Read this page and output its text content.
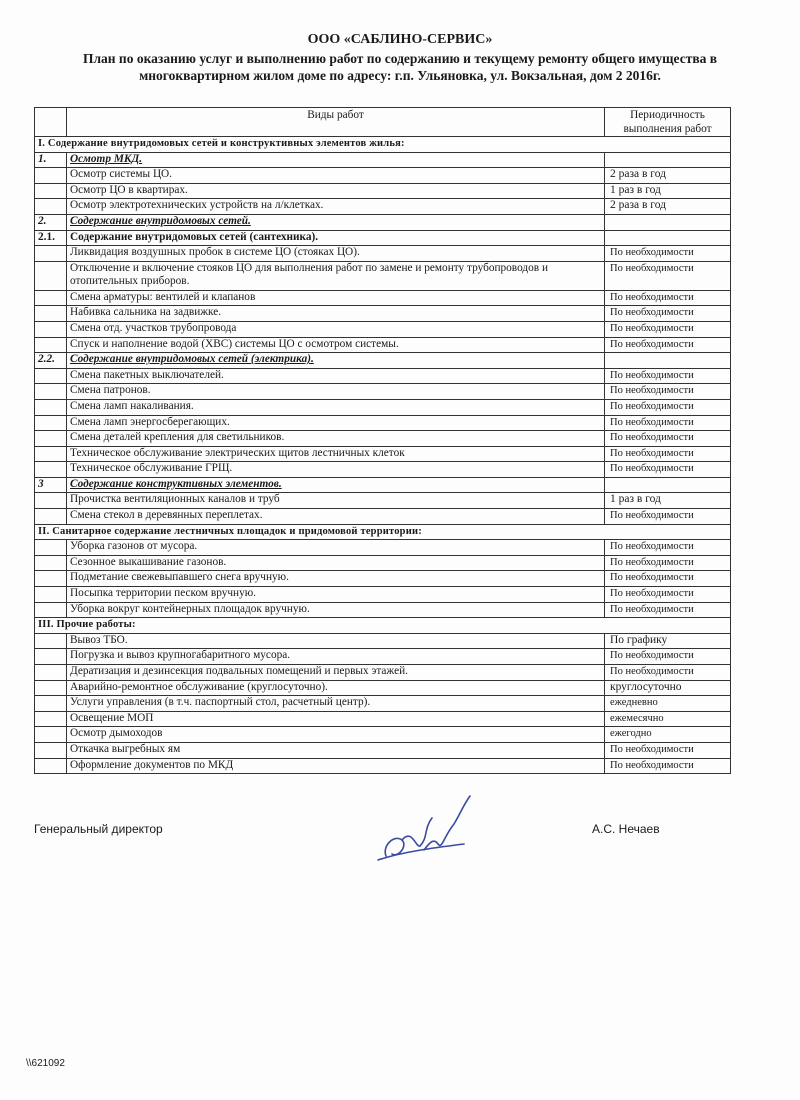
ООО «САБЛИНО-СЕРВИС»
План по оказанию услуг и выполнению работ по содержанию и текущему ремонту общего имущества в многоквартирном жилом доме по адресу: г.п. Ульяновка, ул. Вокзальная, дом 2 2016г.
	Виды работ	Периодичность выполнения работ
I. Содержание внутридомовых сетей и конструктивных элементов жилья:		
1.	Осмотр МКД.	
	Осмотр системы ЦО.	2 раза в год
	Осмотр ЦО в квартирах.	1 раз в год
	Осмотр электротехнических устройств на л/клетках.	2 раза в год
2.	Содержание внутридомовых сетей.	
2.1.	Содержание внутридомовых сетей (сантехника).	
	Ликвидация воздушных пробок в системе ЦО (стояках ЦО).	По необходимости
	Отключение и включение стояков ЦО для выполнения работ по замене и ремонту трубопроводов и отопительных приборов.	По необходимости
	Смена арматуры: вентилей и клапанов	По необходимости
	Набивка сальника на задвижке.	По необходимости
	Смена отд. участков трубопровода	По необходимости
	Спуск и наполнение водой (ХВС) системы ЦО с осмотром системы.	По необходимости
2.2.	Содержание внутридомовых сетей (электрика).	
	Смена пакетных выключателей.	По необходимости
	Смена патронов.	По необходимости
	Смена ламп накаливания.	По необходимости
	Смена ламп энергосберегающих.	По необходимости
	Смена деталей крепления для светильников.	По необходимости
	Техническое обслуживание электрических щитов лестничных клеток	По необходимости
	Техническое обслуживание ГРЩ.	По необходимости
3	Содержание конструктивных элементов.	
	Прочистка вентиляционных каналов и труб	1 раз в год
	Смена стекол в деревянных переплетах.	По необходимости
II. Санитарное содержание лестничных площадок и придомовой территории:		
	Уборка газонов от мусора.	По необходимости
	Сезонное выкашивание газонов.	По необходимости
	Подметание свежевыпавшего снега вручную.	По необходимости
	Посыпка территории песком вручную.	По необходимости
	Уборка вокруг контейнерных площадок вручную.	По необходимости
III. Прочие работы:		
	Вывоз ТБО.	По графику
	Погрузка и вывоз крупногабаритного мусора.	По необходимости
	Дератизация и дезинсекция подвальных помещений и первых этажей.	По необходимости
	Аварийно-ремонтное обслуживание (круглосуточно).	круглосуточно
	Услуги управления (в т.ч. паспортный стол, расчетный центр).	ежедневно
	Освещение МОП	ежемесячно
	Осмотр дымоходов	ежегодно
	Откачка выгребных ям	По необходимости
	Оформление документов по МКД	По необходимости
Генеральный директор	А.С. Нечаев
\\621092
